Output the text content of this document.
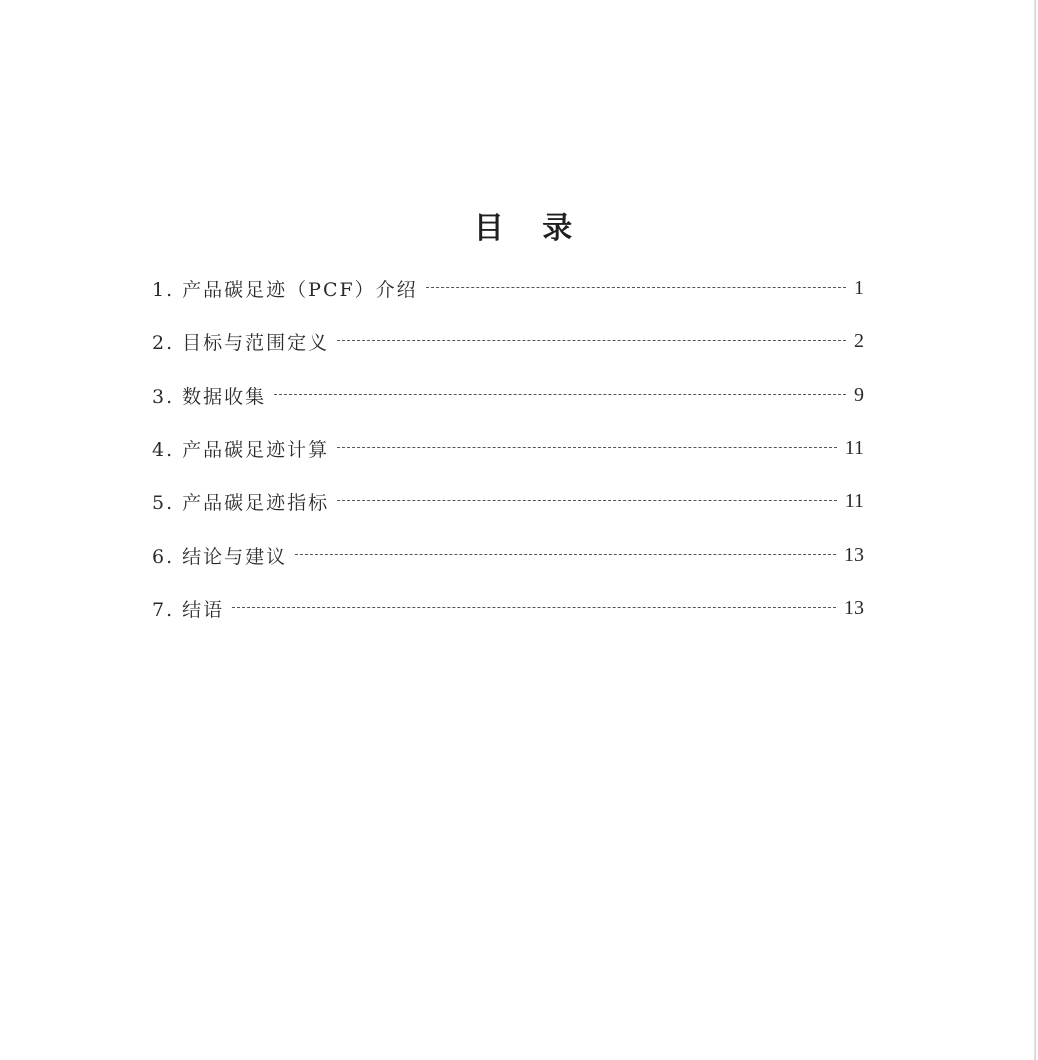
目 录
1. 产品碳足迹（PCF）介绍	1
2. 目标与范围定义	2
3. 数据收集	9
4. 产品碳足迹计算	11
5. 产品碳足迹指标	11
6. 结论与建议	13
7. 结语	13
